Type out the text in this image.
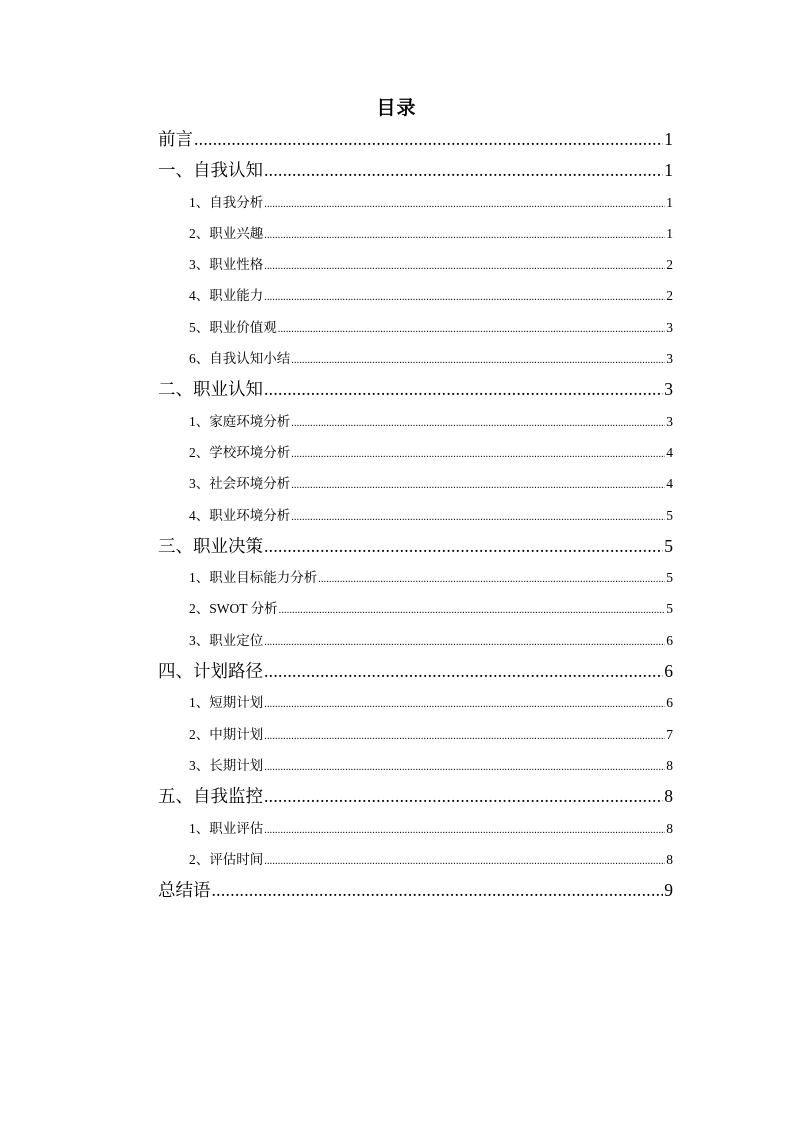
目录
前言 .....	1
一、自我认知 .....	1
1、自我分析 .....	1
2、职业兴趣 .....	1
3、职业性格 .....	2
4、职业能力 .....	2
5、职业价值观 .....	3
6、自我认知小结 .....	3
二、职业认知 .....	3
1、家庭环境分析 .....	3
2、学校环境分析 .....	4
3、社会环境分析 .....	4
4、职业环境分析 .....	5
三、职业决策 .....	5
1、职业目标能力分析 .....	5
2、SWOT 分析 .....	5
3、职业定位 .....	6
四、计划路径 .....	6
1、短期计划 .....	6
2、中期计划 .....	7
3、长期计划 .....	8
五、自我监控 .....	8
1、职业评估 .....	8
2、评估时间 .....	8
总结语 .....	9
